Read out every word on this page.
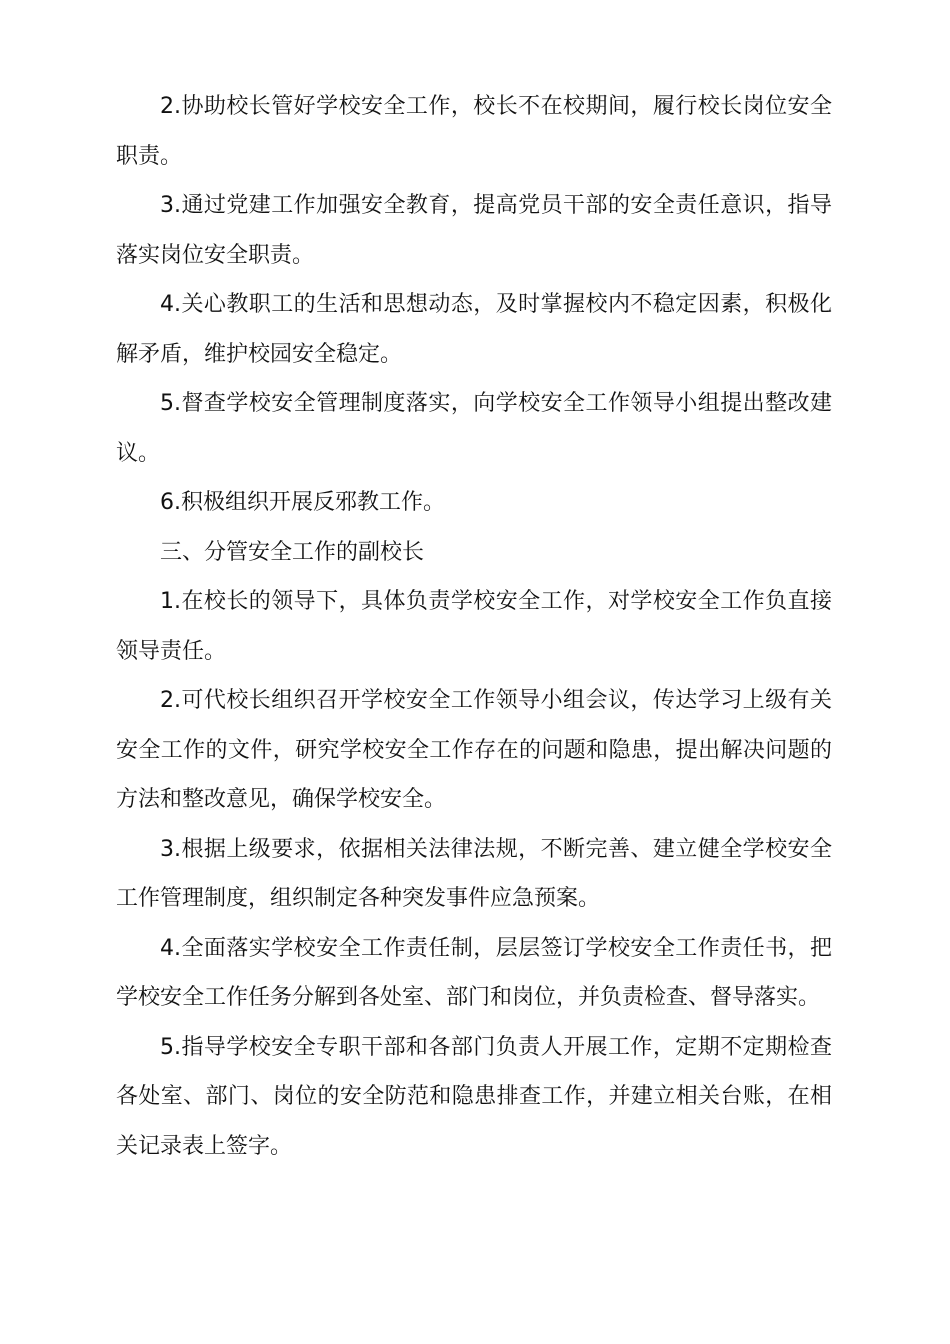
2.协助校长管好学校安全工作，校长不在校期间，履行校长岗位安全职责。

3.通过党建工作加强安全教育，提高党员干部的安全责任意识，指导落实岗位安全职责。

4.关心教职工的生活和思想动态，及时掌握校内不稳定因素，积极化解矛盾，维护校园安全稳定。

5.督查学校安全管理制度落实，向学校安全工作领导小组提出整改建议。

6.积极组织开展反邪教工作。

三、分管安全工作的副校长

1.在校长的领导下，具体负责学校安全工作，对学校安全工作负直接领导责任。

2.可代校长组织召开学校安全工作领导小组会议，传达学习上级有关安全工作的文件，研究学校安全工作存在的问题和隐患，提出解决问题的方法和整改意见，确保学校安全。

3.根据上级要求，依据相关法律法规，不断完善、建立健全学校安全工作管理制度，组织制定各种突发事件应急预案。

4.全面落实学校安全工作责任制，层层签订学校安全工作责任书，把学校安全工作任务分解到各处室、部门和岗位，并负责检查、督导落实。

5.指导学校安全专职干部和各部门负责人开展工作，定期不定期检查各处室、部门、岗位的安全防范和隐患排查工作，并建立相关台账，在相关记录表上签字。
